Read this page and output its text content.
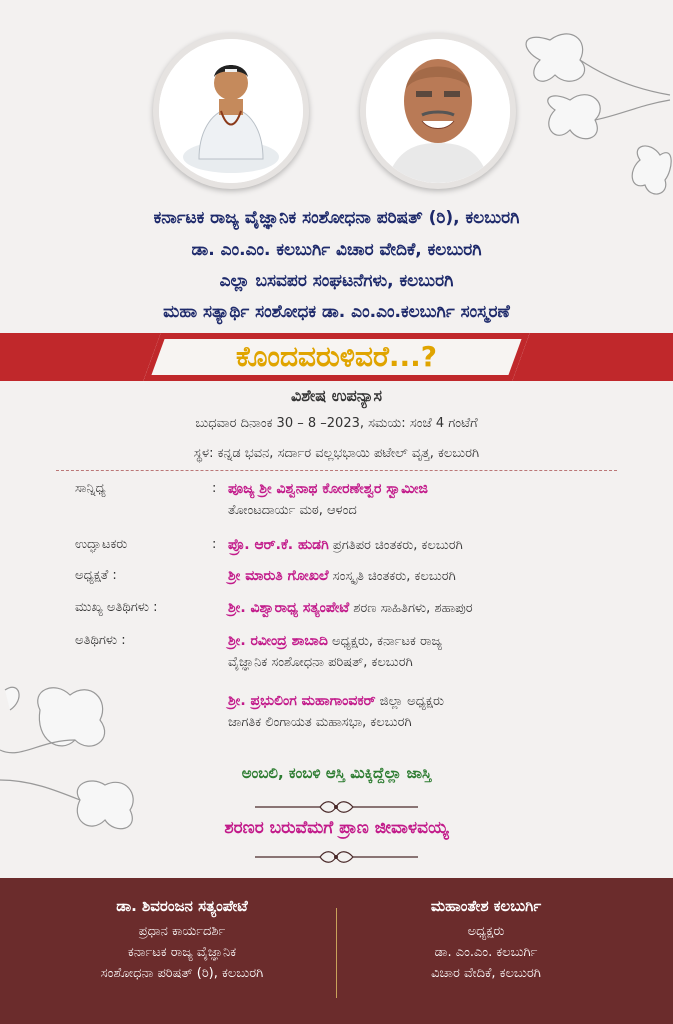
ಕರ್ನಾಟಕ ರಾಜ್ಯ ವೈಜ್ಞಾನಿಕ ಸಂಶೋಧನಾ ಪರಿಷತ್ (ರಿ), ಕಲಬುರಗಿ
ಡಾ. ಎಂ.ಎಂ. ಕಲಬುರ್ಗಿ ವಿಚಾರ ವೇದಿಕೆ, ಕಲಬುರಗಿ
ಎಲ್ಲಾ ಬಸವಪರ ಸಂಘಟನೆಗಳು, ಕಲಬುರಗಿ
ಮಹಾ ಸತ್ಯಾರ್ಥಿ ಸಂಶೋಧಕ ಡಾ. ಎಂ.ಎಂ.ಕಲಬುರ್ಗಿ ಸಂಸ್ಮರಣೆ
ಕೊಂದವರುಳಿವರೆ...?
ವಿಶೇಷ ಉಪನ್ಯಾಸ
ಬುಧವಾರ ದಿನಾಂಕ 30 – 8 –2023, ಸಮಯ: ಸಂಜೆ 4 ಗಂಟೆಗೆ
ಸ್ಥಳ: ಕನ್ನಡ ಭವನ, ಸರ್ದಾರ ವಲ್ಲಭಭಾಯಿ ಪಟೇಲ್ ವೃತ್ತ, ಕಲಬುರಗಿ
ಸಾನ್ನಿಧ್ಯ	: ಪೂಜ್ಯ ಶ್ರೀ ವಿಶ್ವನಾಥ ಕೋರಣೇಶ್ವರ ಸ್ವಾಮೀಜಿ
ತೋಂಟದಾರ್ಯ ಮಠ, ಆಳಂದ
ಉದ್ಘಾಟಕರು	: ಪ್ರೊ. ಆರ್.ಕೆ. ಹುಡಗಿ ಪ್ರಗತಿಪರ ಚಿಂತಕರು, ಕಲಬುರಗಿ
ಅಧ್ಯಕ್ಷತೆ :	ಶ್ರೀ ಮಾರುತಿ ಗೋಖಲೆ ಸಂಸ್ಕೃತಿ ಚಿಂತಕರು, ಕಲಬುರಗಿ
ಮುಖ್ಯ ಅತಿಥಿಗಳು :	ಶ್ರೀ. ವಿಶ್ವಾರಾಧ್ಯ ಸತ್ಯಂಪೇಟೆ ಶರಣ ಸಾಹಿತಿಗಳು, ಶಹಾಪುರ
ಅತಿಥಿಗಳು :	ಶ್ರೀ. ರವೀಂದ್ರ ಶಾಬಾದಿ ಅಧ್ಯಕ್ಷರು, ಕರ್ನಾಟಕ ರಾಜ್ಯ
ವೈಜ್ಞಾನಿಕ ಸಂಶೋಧನಾ ಪರಿಷತ್, ಕಲಬುರಗಿ
ಶ್ರೀ. ಪ್ರಭುಲಿಂಗ ಮಹಾಗಾಂವಕರ್ ಜಿಲ್ಲಾ ಅಧ್ಯಕ್ಷರು
ಜಾಗತಿಕ ಲಿಂಗಾಯತ ಮಹಾಸಭಾ, ಕಲಬುರಗಿ
ಅಂಬಲಿ, ಕಂಬಳಿ ಆಸ್ತಿ ಮಿಕ್ಕಿದ್ದೆಲ್ಲಾ ಜಾಸ್ತಿ
ಶರಣರ ಬರುವೆಮಗೆ ಪ್ರಾಣ ಜೀವಾಳವಯ್ಯ
ಡಾ. ಶಿವರಂಜನ ಸತ್ಯಂಪೇಟೆ
ಪ್ರಧಾನ ಕಾರ್ಯದರ್ಶಿ
ಕರ್ನಾಟಕ ರಾಜ್ಯ ವೈಜ್ಞಾನಿಕ
ಸಂಶೋಧನಾ ಪರಿಷತ್ (ರಿ), ಕಲಬುರಗಿ
ಮಹಾಂತೇಶ ಕಲಬುರ್ಗಿ
ಅಧ್ಯಕ್ಷರು
ಡಾ. ಎಂ.ಎಂ. ಕಲಬುರ್ಗಿ
ವಿಚಾರ ವೇದಿಕೆ, ಕಲಬುರಗಿ
